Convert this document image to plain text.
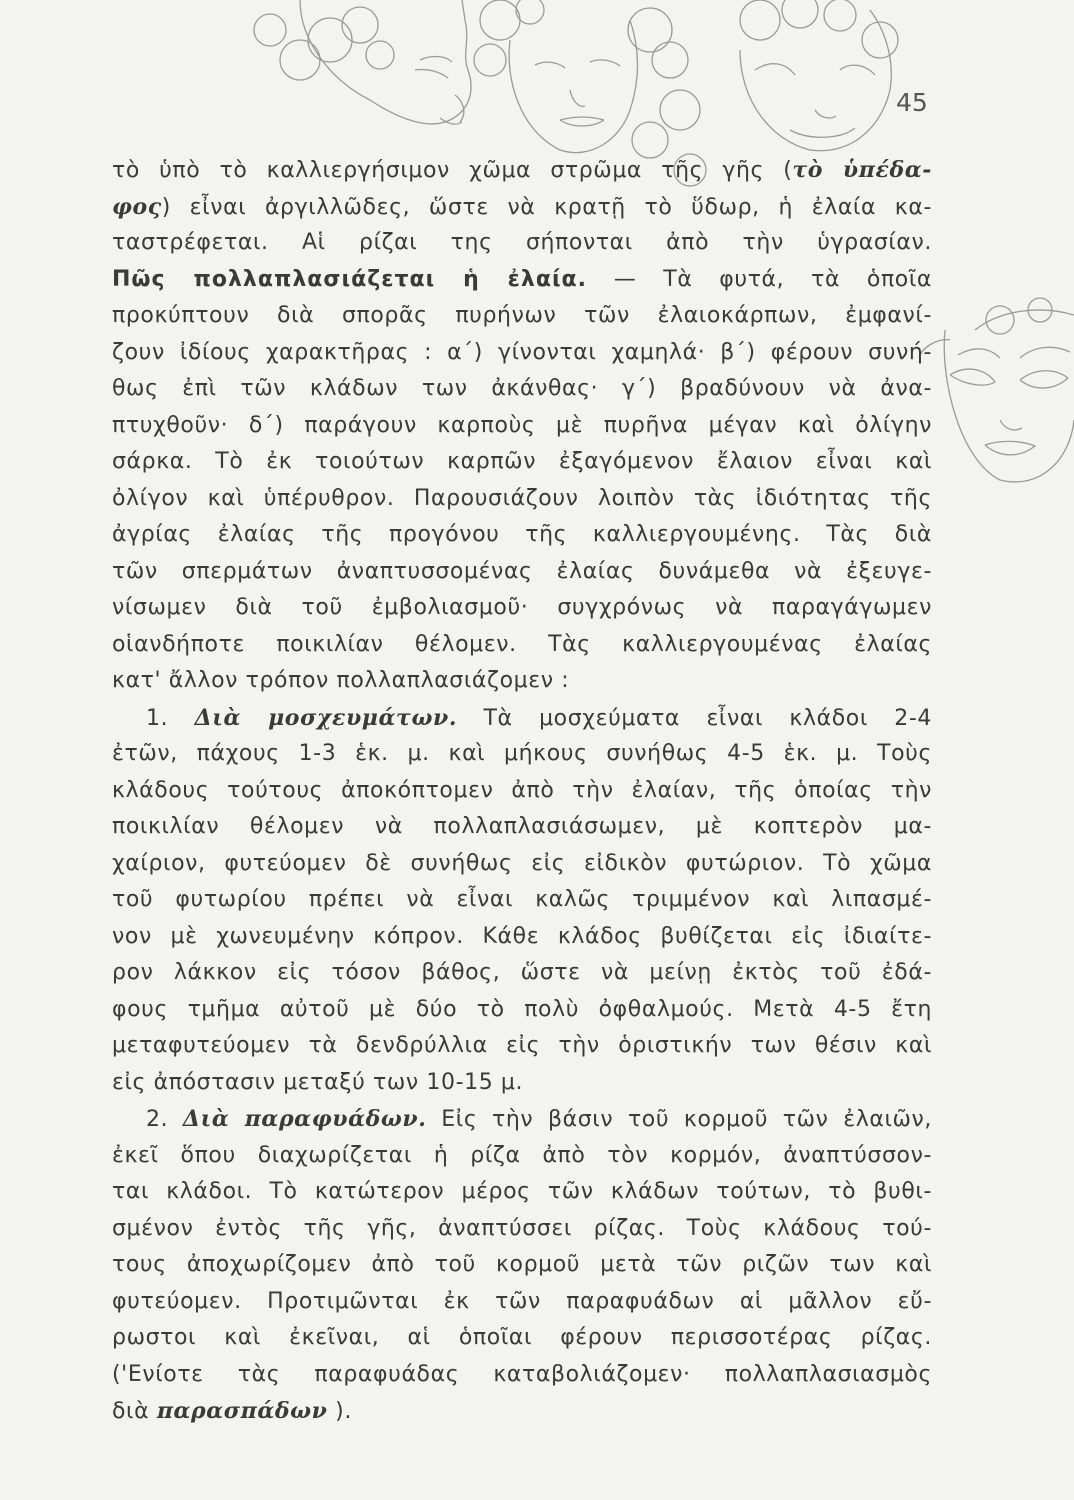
45
τὸ ὑπὸ τὸ καλλιεργήσιμον χῶμα στρῶμα τῆς γῆς (τὸ ὑπέδα-
φος) εἶναι ἀργιλλῶδες, ὥστε νὰ κρατῇ τὸ ὕδωρ, ἡ ἐλαία κα-
ταστρέφεται. Αἱ ρίζαι της σήπονται ἀπὸ τὴν ὑγρασίαν.
Πῶς πολλαπλασιάζεται ἡ ἐλαία. — Τὰ φυτά, τὰ ὁποῖα
προκύπτουν διὰ σπορᾶς πυρήνων τῶν ἐλαιοκάρπων, ἐμφανί-
ζουν ἰδίους χαρακτῆρας : α΄) γίνονται χαμηλά· β΄) φέρουν συνή-
θως ἐπὶ τῶν κλάδων των ἀκάνθας· γ΄) βραδύνουν νὰ ἀνα-
πτυχθοῦν· δ΄) παράγουν καρποὺς μὲ πυρῆνα μέγαν καὶ ὀλίγην
σάρκα. Τὸ ἐκ τοιούτων καρπῶν ἐξαγόμενον ἔλαιον εἶναι καὶ
ὀλίγον καὶ ὑπέρυθρον. Παρουσιάζουν λοιπὸν τὰς ἰδιότητας τῆς
ἀγρίας ἐλαίας τῆς προγόνου τῆς καλλιεργουμένης. Τὰς διὰ
τῶν σπερμάτων ἀναπτυσσομένας ἐλαίας δυνάμεθα νὰ ἐξευγε-
νίσωμεν διὰ τοῦ ἐμβολιασμοῦ· συγχρόνως νὰ παραγάγωμεν
οἱανδήποτε ποικιλίαν θέλομεν. Τὰς καλλιεργουμένας ἐλαίας
κατ' ἄλλον τρόπον πολλαπλασιάζομεν :
1. Διὰ μοσχευμάτων. Τὰ μοσχεύματα εἶναι κλάδοι 2-4
ἐτῶν, πάχους 1-3 ἑκ. μ. καὶ μήκους συνήθως 4-5 ἑκ. μ. Τοὺς
κλάδους τούτους ἀποκόπτομεν ἀπὸ τὴν ἐλαίαν, τῆς ὁποίας τὴν
ποικιλίαν θέλομεν νὰ πολλαπλασιάσωμεν, μὲ κοπτερὸν μα-
χαίριον, φυτεύομεν δὲ συνήθως εἰς εἰδικὸν φυτώριον. Τὸ χῶμα
τοῦ φυτωρίου πρέπει νὰ εἶναι καλῶς τριμμένον καὶ λιπασμέ-
νον μὲ χωνευμένην κόπρον. Κάθε κλάδος βυθίζεται εἰς ἰδιαίτε-
ρον λάκκον εἰς τόσον βάθος, ὥστε νὰ μείνῃ ἐκτὸς τοῦ ἐδά-
φους τμῆμα αὐτοῦ μὲ δύο τὸ πολὺ ὀφθαλμούς. Μετὰ 4-5 ἔτη
μεταφυτεύομεν τὰ δενδρύλλια εἰς τὴν ὁριστικήν των θέσιν καὶ
εἰς ἀπόστασιν μεταξύ των 10-15 μ.
2. Διὰ παραφυάδων. Εἰς τὴν βάσιν τοῦ κορμοῦ τῶν ἐλαιῶν,
ἐκεῖ ὅπου διαχωρίζεται ἡ ρίζα ἀπὸ τὸν κορμόν, ἀναπτύσσον-
ται κλάδοι. Τὸ κατώτερον μέρος τῶν κλάδων τούτων, τὸ βυθι-
σμένον ἐντὸς τῆς γῆς, ἀναπτύσσει ρίζας. Τοὺς κλάδους τού-
τους ἀποχωρίζομεν ἀπὸ τοῦ κορμοῦ μετὰ τῶν ριζῶν των καὶ
φυτεύομεν. Προτιμῶνται ἐκ τῶν παραφυάδων αἱ μᾶλλον εὔ-
ρωστοι καὶ ἐκεῖναι, αἱ ὁποῖαι φέρουν περισσοτέρας ρίζας.
('Ενίοτε τὰς παραφυάδας καταβολιάζομεν· πολλαπλασιασμὸς
διὰ παρασπάδων ).
